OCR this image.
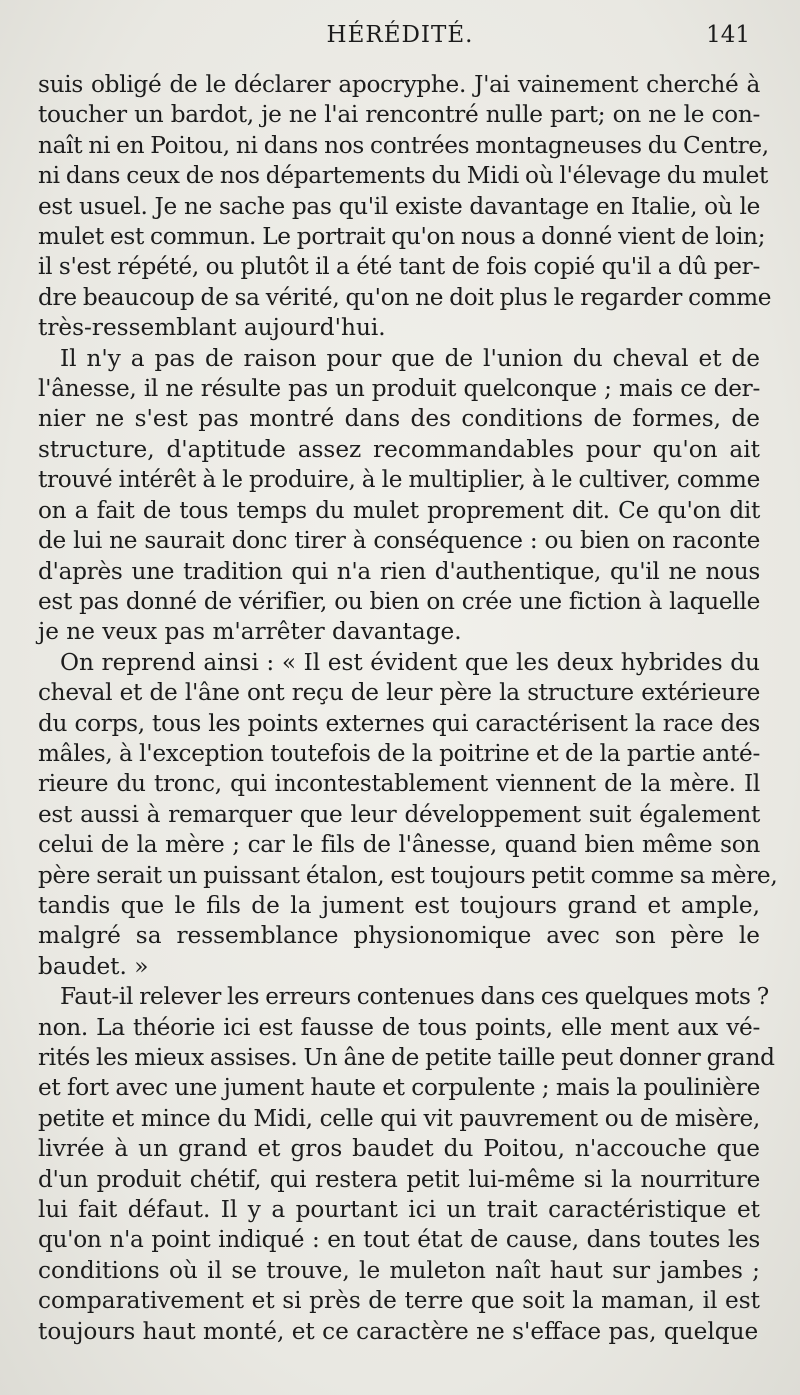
HÉRÉDITÉ.	141
suis obligé de le déclarer apocryphe. J'ai vainement cherché à
toucher un bardot, je ne l'ai rencontré nulle part; on ne le con-
naît ni en Poitou, ni dans nos contrées montagneuses du Centre,
ni dans ceux de nos départements du Midi où l'élevage du mulet
est usuel. Je ne sache pas qu'il existe davantage en Italie, où le
mulet est commun. Le portrait qu'on nous a donné vient de loin;
il s'est répété, ou plutôt il a été tant de fois copié qu'il a dû per-
dre beaucoup de sa vérité, qu'on ne doit plus le regarder comme
très-ressemblant aujourd'hui.
Il n'y a pas de raison pour que de l'union du cheval et de
l'ânesse, il ne résulte pas un produit quelconque ; mais ce der-
nier ne s'est pas montré dans des conditions de formes, de
structure, d'aptitude assez recommandables pour qu'on ait
trouvé intérêt à le produire, à le multiplier, à le cultiver, comme
on a fait de tous temps du mulet proprement dit. Ce qu'on dit
de lui ne saurait donc tirer à conséquence : ou bien on raconte
d'après une tradition qui n'a rien d'authentique, qu'il ne nous
est pas donné de vérifier, ou bien on crée une fiction à laquelle
je ne veux pas m'arrêter davantage.
On reprend ainsi : « Il est évident que les deux hybrides du
cheval et de l'âne ont reçu de leur père la structure extérieure
du corps, tous les points externes qui caractérisent la race des
mâles, à l'exception toutefois de la poitrine et de la partie anté-
rieure du tronc, qui incontestablement viennent de la mère. Il
est aussi à remarquer que leur développement suit également
celui de la mère ; car le fils de l'ânesse, quand bien même son
père serait un puissant étalon, est toujours petit comme sa mère,
tandis que le fils de la jument est toujours grand et ample,
malgré sa ressemblance physionomique avec son père le
baudet. »
Faut-il relever les erreurs contenues dans ces quelques mots ?
non. La théorie ici est fausse de tous points, elle ment aux vé-
rités les mieux assises. Un âne de petite taille peut donner grand
et fort avec une jument haute et corpulente ; mais la poulinière
petite et mince du Midi, celle qui vit pauvrement ou de misère,
livrée à un grand et gros baudet du Poitou, n'accouche que
d'un produit chétif, qui restera petit lui-même si la nourriture
lui fait défaut. Il y a pourtant ici un trait caractéristique et
qu'on n'a point indiqué : en tout état de cause, dans toutes les
conditions où il se trouve, le muleton naît haut sur jambes ;
comparativement et si près de terre que soit la maman, il est
toujours haut monté, et ce caractère ne s'efface pas, quelque
